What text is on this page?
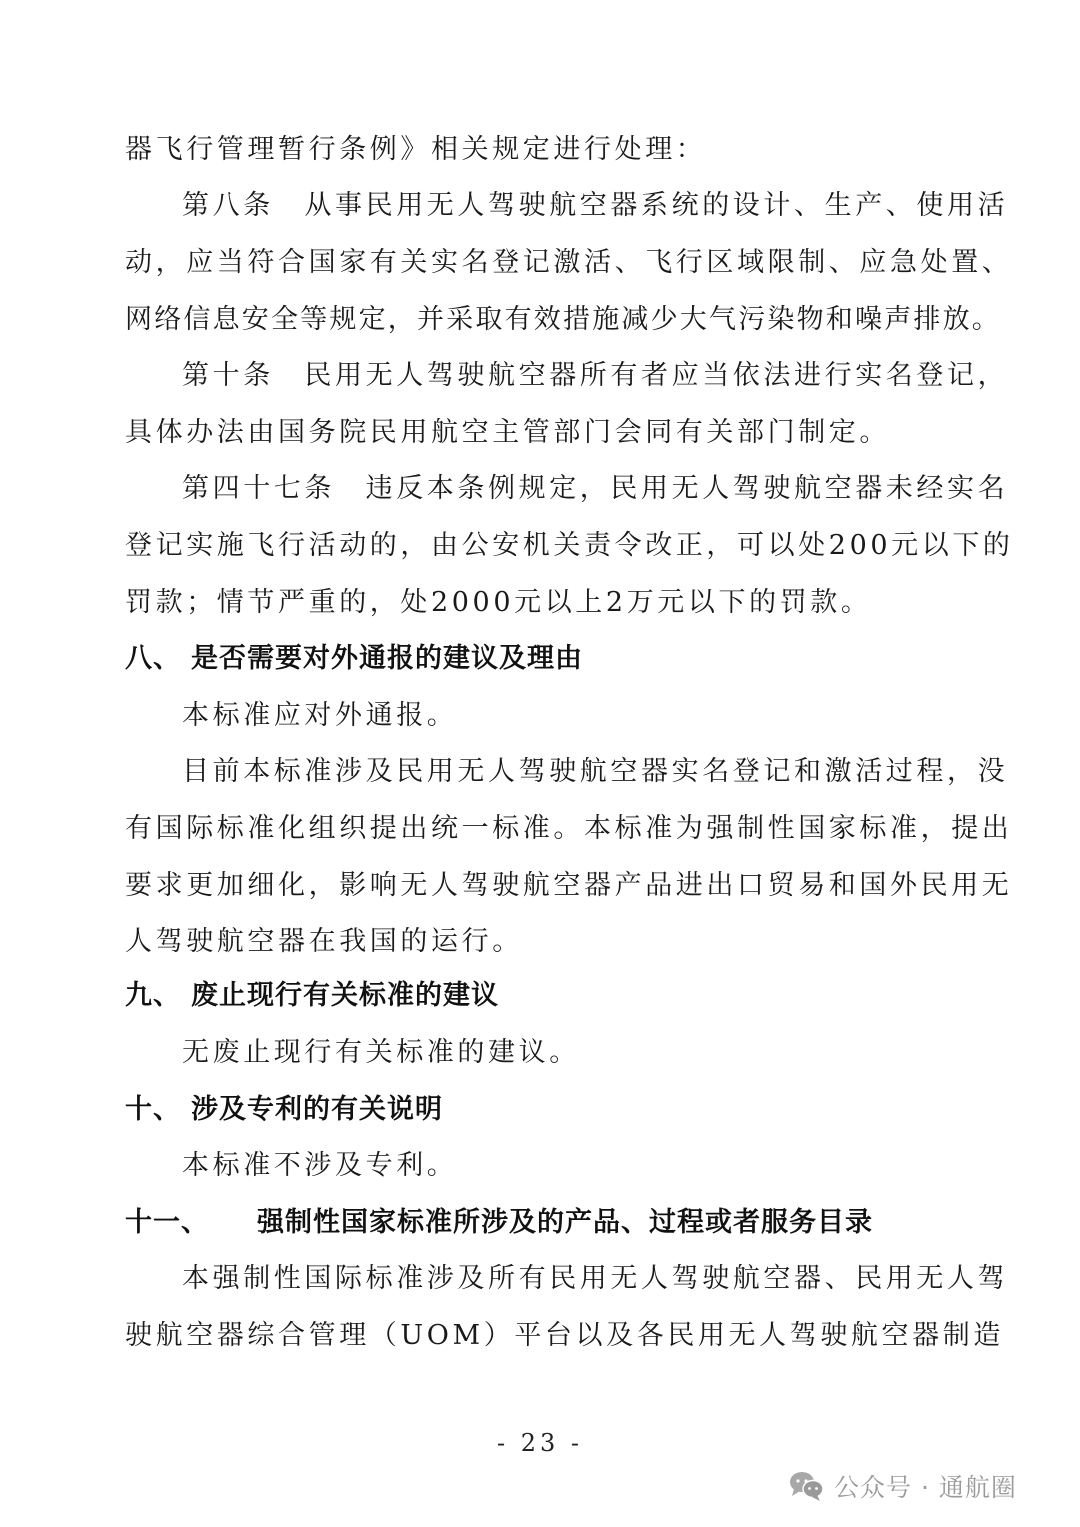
器飞行管理暂行条例》相关规定进行处理：
第八条　从事民用无人驾驶航空器系统的设计、生产、使用活
动，应当符合国家有关实名登记激活、飞行区域限制、应急处置、
网络信息安全等规定，并采取有效措施减少大气污染物和噪声排放。
第十条　民用无人驾驶航空器所有者应当依法进行实名登记，
具体办法由国务院民用航空主管部门会同有关部门制定。
第四十七条　违反本条例规定，民用无人驾驶航空器未经实名
登记实施飞行活动的，由公安机关责令改正，可以处200元以下的
罚款；情节严重的，处2000元以上2万元以下的罚款。
八、 是否需要对外通报的建议及理由
本标准应对外通报。
目前本标准涉及民用无人驾驶航空器实名登记和激活过程，没
有国际标准化组织提出统一标准。本标准为强制性国家标准，提出
要求更加细化，影响无人驾驶航空器产品进出口贸易和国外民用无
人驾驶航空器在我国的运行。
九、 废止现行有关标准的建议
无废止现行有关标准的建议。
十、 涉及专利的有关说明
本标准不涉及专利。
十一、 强制性国家标准所涉及的产品、过程或者服务目录
本强制性国际标准涉及所有民用无人驾驶航空器、民用无人驾
驶航空器综合管理（UOM）平台以及各民用无人驾驶航空器制造
- 23 -
公众号 · 通航圈
